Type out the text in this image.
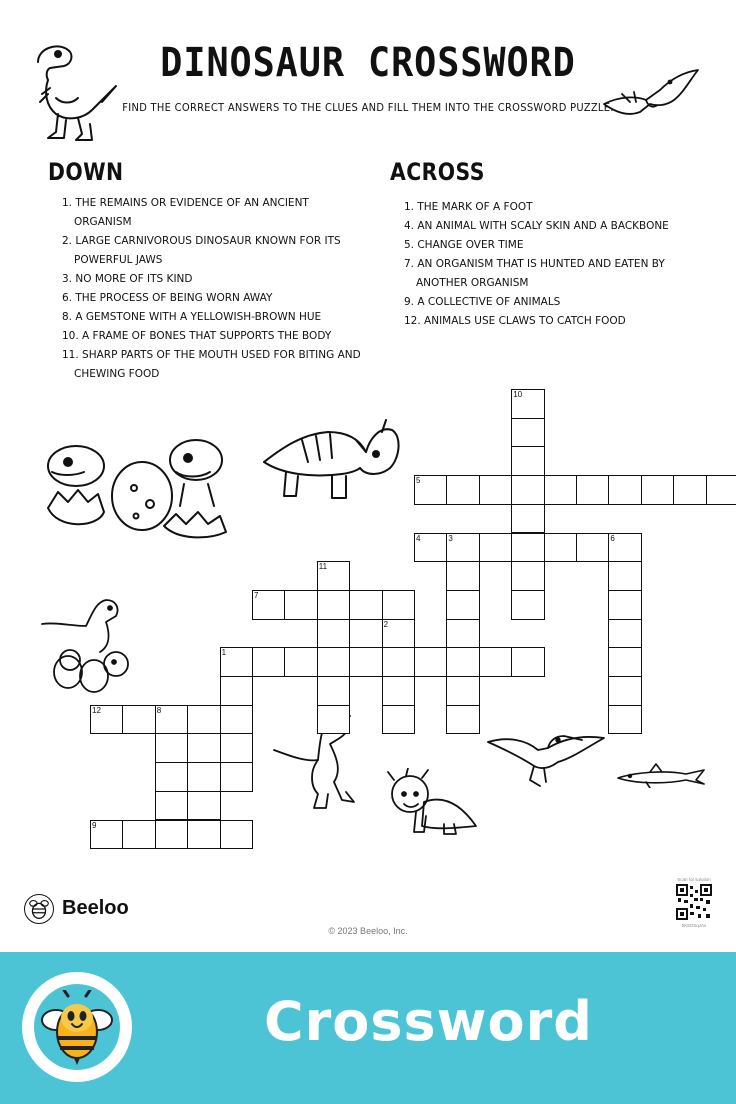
DINOSAUR CROSSWORD
FIND THE CORRECT ANSWERS TO THE CLUES AND FILL THEM INTO THE CROSSWORD PUZZLE.
DOWN
1. THE REMAINS OR EVIDENCE OF AN ANCIENT ORGANISM
2. LARGE CARNIVOROUS DINOSAUR KNOWN FOR ITS POWERFUL JAWS
3. NO MORE OF ITS KIND
6. THE PROCESS OF BEING WORN AWAY
8. A GEMSTONE WITH A YELLOWISH-BROWN HUE
10. A FRAME OF BONES THAT SUPPORTS THE BODY
11. SHARP PARTS OF THE MOUTH USED FOR BITING AND CHEWING FOOD
ACROSS
1. THE MARK OF A FOOT
4. AN ANIMAL WITH SCALY SKIN AND A BACKBONE
5. CHANGE OVER TIME
7. AN ORGANISM THAT IS HUNTED AND EATEN BY ANOTHER ORGANISM
9. A COLLECTIVE OF ANIMALS
12. ANIMALS USE CLAWS TO CATCH FOOD
10
5
4	3	6
11
7
2
1
12	8
9
Beeloo
© 2023 Beeloo, Inc.
Scan for solution
bK5OSqJAx
Crossword
